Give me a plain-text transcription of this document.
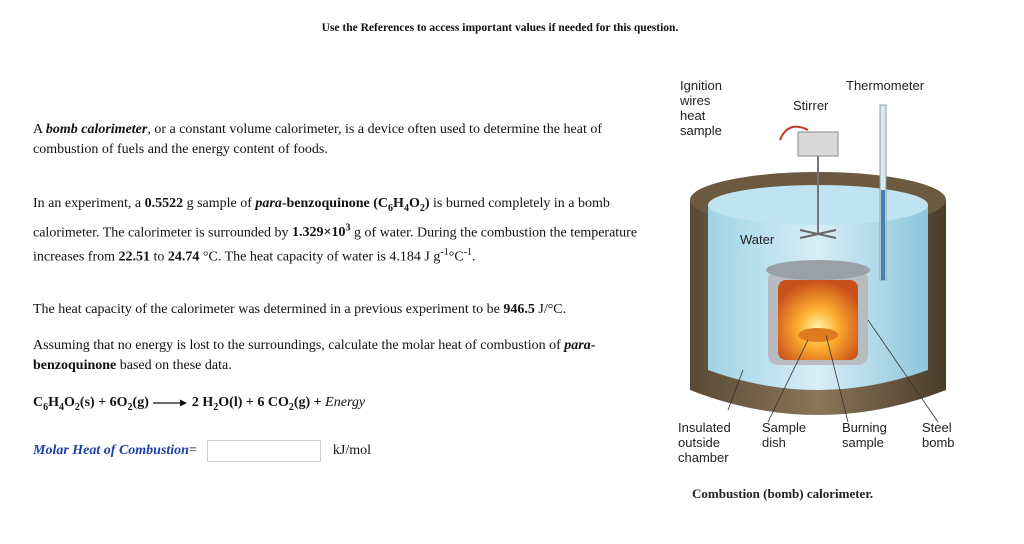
Use the References to access important values if needed for this question.
A bomb calorimeter, or a constant volume calorimeter, is a device often used to determine the heat of combustion of fuels and the energy content of foods.
In an experiment, a 0.5522 g sample of para-benzoquinone $(C_6H_4O_2)$ is burned completely in a bomb calorimeter. The calorimeter is surrounded by $1.329\times 10^3$ g of water. During the combustion the temperature increases from 22.51 to 24.74 °C. The heat capacity of water is 4.184 J $g^{-1}^\circ C^{-1}$.
The heat capacity of the calorimeter was determined in a previous experiment to be 946.5 J/°C.
Assuming that no energy is lost to the surroundings, calculate the molar heat of combustion of para-benzoquinone based on these data.
$C_6H_4O_2(s) + 6O_2(g) \to 2$ $H_2O(l) + 6$ $CO_2(g)$ + Energy
Molar Heat of Combustion =	kJ/mol
Ignition
wires
heat
sample
Stirrer
Thermometer
Water
Insulated
outside
chamber
Sample
dish
Burning
sample
Steel
bomb
Combustion (bomb) calorimeter.
